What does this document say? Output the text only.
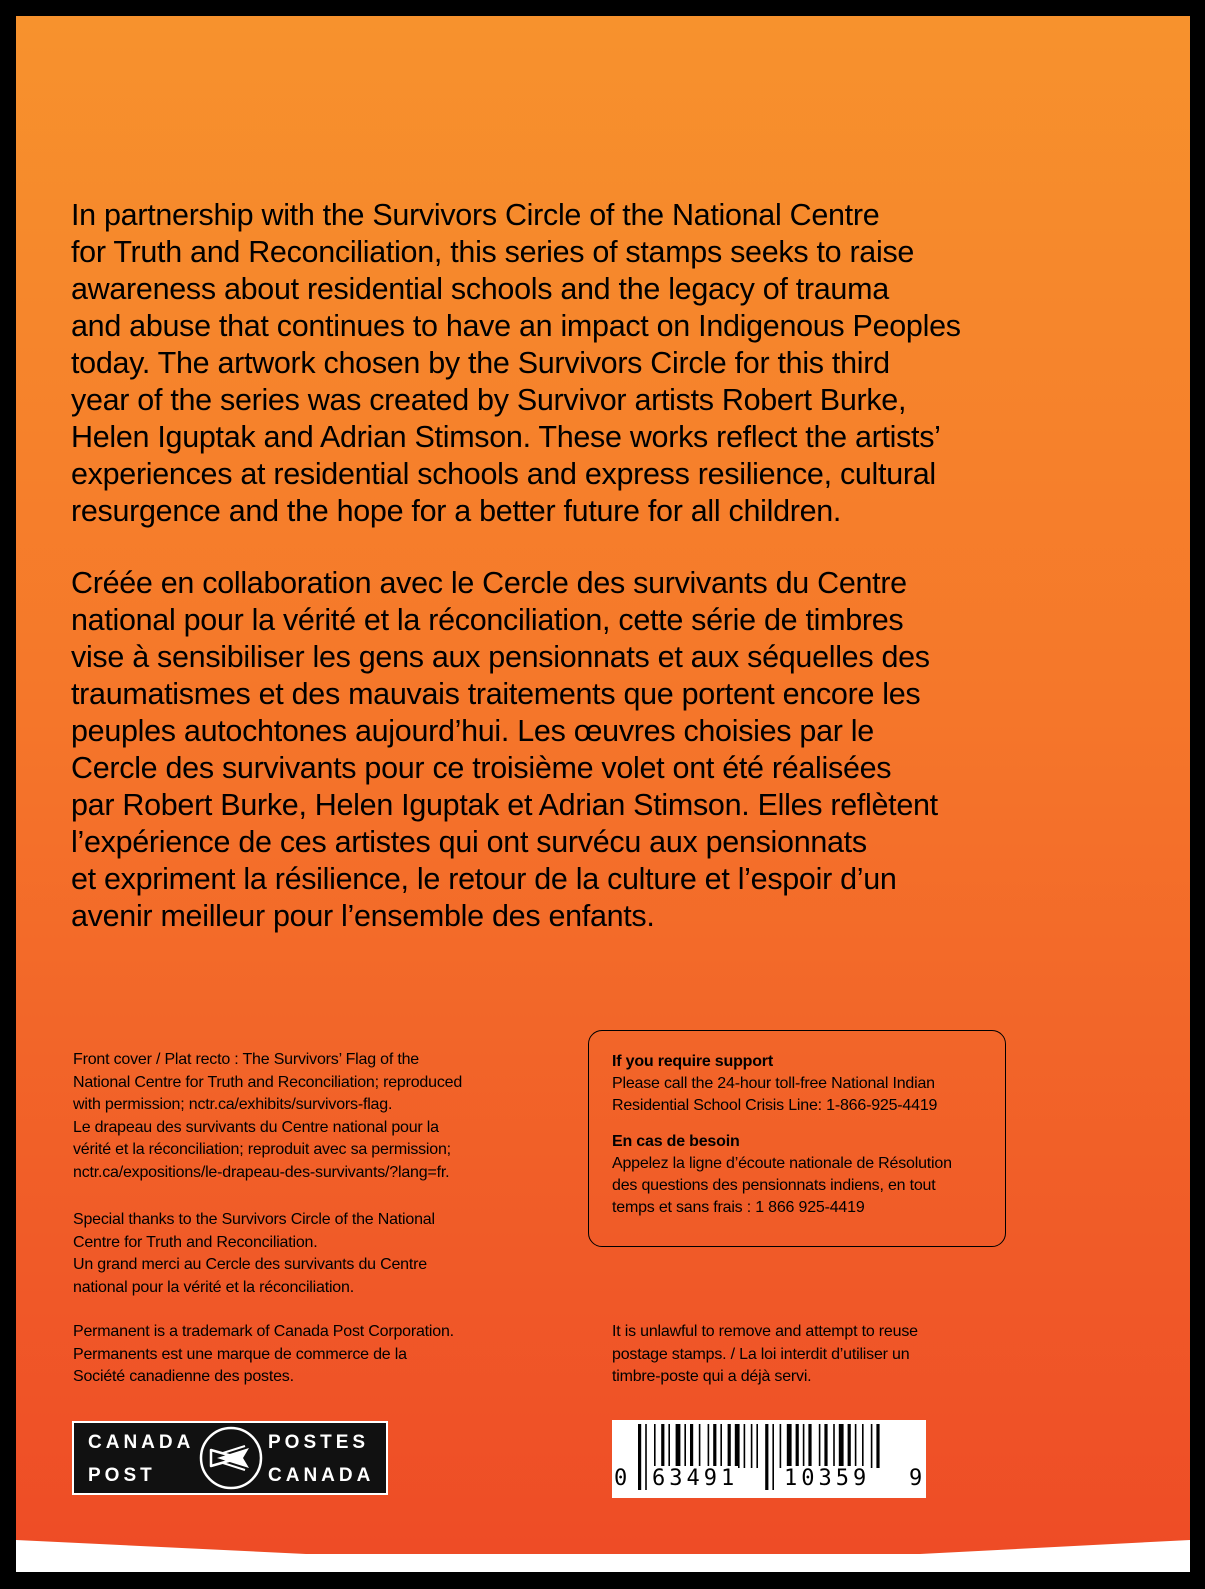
In partnership with the Survivors Circle of the National Centre
for Truth and Reconciliation, this series of stamps seeks to raise
awareness about residential schools and the legacy of trauma
and abuse that continues to have an impact on Indigenous Peoples
today. The artwork chosen by the Survivors Circle for this third
year of the series was created by Survivor artists Robert Burke,
Helen Iguptak and Adrian Stimson. These works reflect the artists’
experiences at residential schools and express resilience, cultural
resurgence and the hope for a better future for all children.

Créée en collaboration avec le Cercle des survivants du Centre
national pour la vérité et la réconciliation, cette série de timbres
vise à sensibiliser les gens aux pensionnats et aux séquelles des
traumatismes et des mauvais traitements que portent encore les
peuples autochtones aujourd’hui. Les œuvres choisies par le
Cercle des survivants pour ce troisième volet ont été réalisées
par Robert Burke, Helen Iguptak et Adrian Stimson. Elles reflètent
l’expérience de ces artistes qui ont survécu aux pensionnats
et expriment la résilience, le retour de la culture et l’espoir d’un
avenir meilleur pour l’ensemble des enfants.

Front cover / Plat recto : The Survivors’ Flag of the
National Centre for Truth and Reconciliation; reproduced
with permission; nctr.ca/exhibits/survivors-flag.
Le drapeau des survivants du Centre national pour la
vérité et la réconciliation; reproduit avec sa permission;
nctr.ca/expositions/le-drapeau-des-survivants/?lang=fr.

Special thanks to the Survivors Circle of the National
Centre for Truth and Reconciliation.
Un grand merci au Cercle des survivants du Centre
national pour la vérité et la réconciliation.

Permanent is a trademark of Canada Post Corporation.
Permanents est une marque de commerce de la
Société canadienne des postes.

If you require support

Please call the 24-hour toll-free National Indian
Residential School Crisis Line: 1-866-925-4419

En cas de besoin

Appelez la ligne d’écoute nationale de Résolution
des questions des pensionnats indiens, en tout
temps et sans frais : 1 866 925-4419

It is unlawful to remove and attempt to reuse
postage stamps. / La loi interdit d’utiliser un
timbre-poste qui a déjà servi.

CANADA
POST
POSTES
CANADA	0 63491 10359 9
